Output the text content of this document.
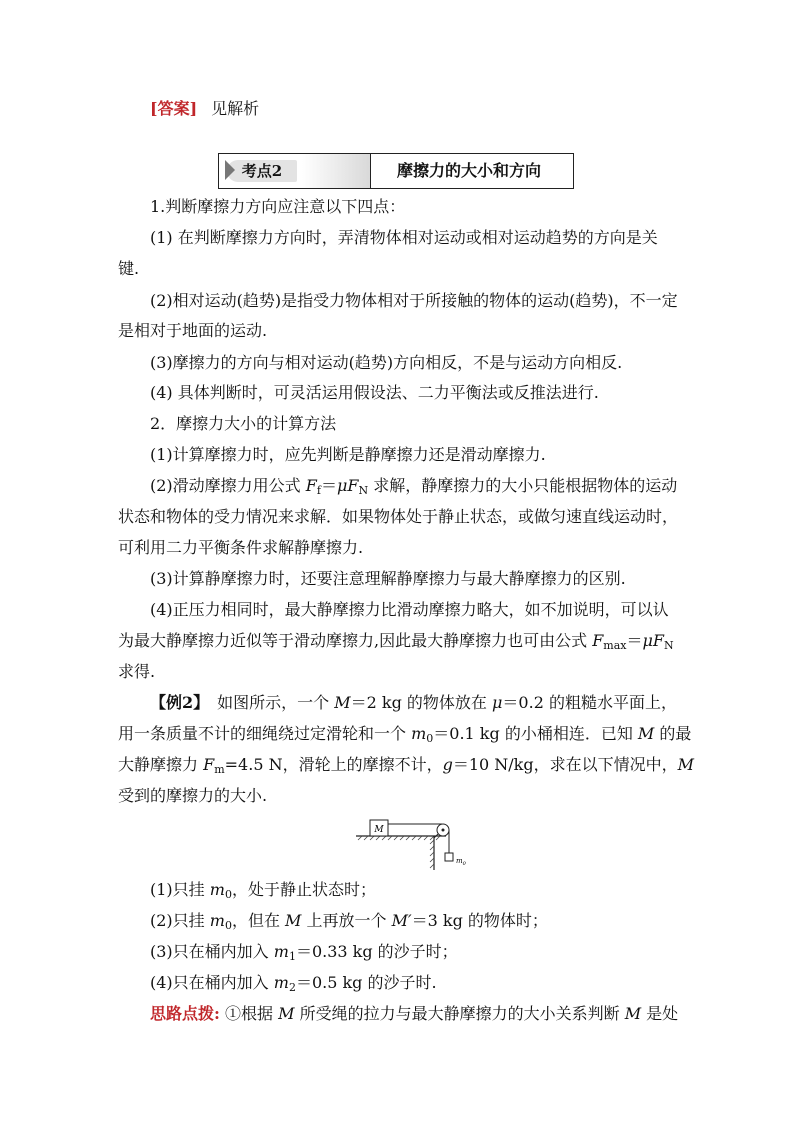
[答案] 见解析
考点2	摩擦力的大小和方向
1.判断摩擦力方向应注意以下四点：
(1) 在判断摩擦力方向时，弄清物体相对运动或相对运动趋势的方向是关
键.
(2)相对运动(趋势)是指受力物体相对于所接触的物体的运动(趋势)，不一定
是相对于地面的运动.
(3)摩擦力的方向与相对运动(趋势)方向相反，不是与运动方向相反.
(4) 具体判断时，可灵活运用假设法、二力平衡法或反推法进行.
2．摩擦力大小的计算方法
(1)计算摩擦力时，应先判断是静摩擦力还是滑动摩擦力.
(2)滑动摩擦力用公式 $F_f=\mu F_N$ 求解，静摩擦力的大小只能根据物体的运动
状态和物体的受力情况来求解．如果物体处于静止状态，或做匀速直线运动时，
可利用二力平衡条件求解静摩擦力.
(3)计算静摩擦力时，还要注意理解静摩擦力与最大静摩擦力的区别.
(4)正压力相同时，最大静摩擦力比滑动摩擦力略大，如不加说明，可以认
为最大静摩擦力近似等于滑动摩擦力,因此最大静摩擦力也可由公式 $F_{max}=\mu F_N$
求得.
【例2】　如图所示，一个 M＝2 kg 的物体放在 μ＝0.2 的粗糙水平面上，
用一条质量不计的细绳绕过定滑轮和一个 $m_0=0.1$ kg 的小桶相连．已知 M 的最
大静摩擦力 $F_m=4.5$ N，滑轮上的摩擦不计，g＝10 N/kg，求在以下情况中，M
受到的摩擦力的大小.
M
$m_0$
(1)只挂 $m_0$，处于静止状态时；
(2)只挂 $m_0$，但在 M 上再放一个 M′＝3 kg 的物体时；
(3)只在桶内加入 $m_1=0.33$ kg 的沙子时；
(4)只在桶内加入 $m_2=0.5$ kg 的沙子时.
思路点拨: ①根据 M 所受绳的拉力与最大静摩擦力的大小关系判断 M 是处
